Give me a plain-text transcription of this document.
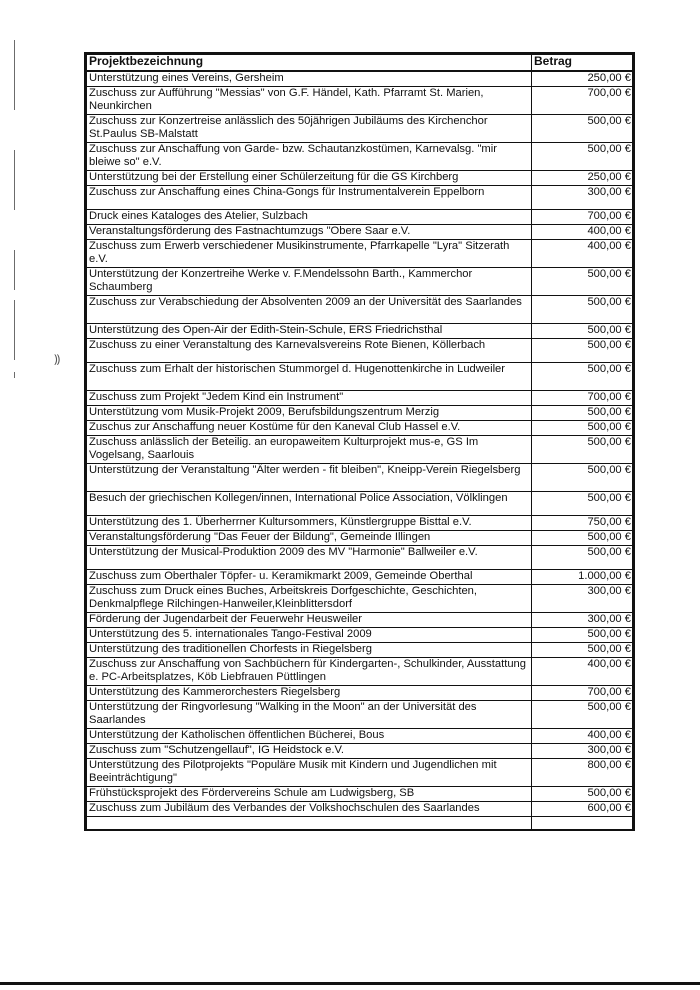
⸩
Projektbezeichnung	Betrag
Unterstützung eines Vereins, Gersheim	250,00 €
Zuschuss zur Aufführung "Messias" von G.F. Händel, Kath. Pfarramt St. Marien, Neunkirchen	700,00 €
Zuschuss zur Konzertreise anlässlich des 50jährigen Jubiläums des Kirchenchor St.Paulus SB-Malstatt	500,00 €
Zuschuss zur Anschaffung von Garde- bzw. Schautanzkostümen, Karnevalsg. "mir bleiwe so" e.V.	500,00 €
Unterstützung bei der Erstellung einer Schülerzeitung für die GS Kirchberg	250,00 €
Zuschuss zur Anschaffung eines China-Gongs für Instrumentalverein Eppelborn	300,00 €
Druck eines Kataloges des Atelier, Sulzbach	700,00 €
Veranstaltungsförderung des Fastnachtumzugs "Obere Saar e.V.	400,00 €
Zuschuss zum Erwerb verschiedener Musikinstrumente, Pfarrkapelle "Lyra" Sitzerath e.V.	400,00 €
Unterstützung der Konzertreihe Werke v. F.Mendelssohn Barth., Kammerchor Schaumberg	500,00 €
Zuschuss zur Verabschiedung der Absolventen 2009 an der Universität des Saarlandes	500,00 €
Unterstützung des Open-Air der Edith-Stein-Schule, ERS Friedrichsthal	500,00 €
Zuschuss zu einer Veranstaltung des Karnevalsvereins Rote Bienen, Köllerbach	500,00 €
Zuschuss zum Erhalt der historischen Stummorgel d. Hugenottenkirche in Ludweiler	500,00 €
Zuschuss zum Projekt "Jedem Kind ein Instrument"	700,00 €
Unterstützung vom Musik-Projekt 2009, Berufsbildungszentrum Merzig	500,00 €
Zuschus zur Anschaffung neuer Kostüme für den Kaneval Club Hassel e.V.	500,00 €
Zuschuss anlässlich der Beteilig. an europaweitem Kulturprojekt mus-e, GS Im Vogelsang, Saarlouis	500,00 €
Unterstützung der Veranstaltung "Älter werden - fit bleiben", Kneipp-Verein Riegelsberg	500,00 €
Besuch der griechischen Kollegen/innen, International Police Association, Völklingen	500,00 €
Unterstützung des 1. Überherrner Kultursommers, Künstlergruppe Bisttal e.V.	750,00 €
Veranstaltungsförderung "Das Feuer der Bildung", Gemeinde Illingen	500,00 €
Unterstützung der Musical-Produktion 2009 des MV "Harmonie" Ballweiler e.V.	500,00 €
Zuschuss zum Oberthaler Töpfer- u. Keramikmarkt 2009, Gemeinde Oberthal	1.000,00 €
Zuschuss zum Druck eines Buches, Arbeitskreis Dorfgeschichte, Geschichten, Denkmalpflege Rilchingen-Hanweiler,Kleinblittersdorf	300,00 €
Förderung der Jugendarbeit der Feuerwehr Heusweiler	300,00 €
Unterstützung des 5. internationales Tango-Festival 2009	500,00 €
Unterstützung des traditionellen Chorfests in Riegelsberg	500,00 €
Zuschuss zur Anschaffung von Sachbüchern für Kindergarten-, Schulkinder, Ausstattung e. PC-Arbeitsplatzes, Köb Liebfrauen Püttlingen	400,00 €
Unterstützung des Kammerorchesters Riegelsberg	700,00 €
Unterstützung der Ringvorlesung "Walking in the Moon" an der Universität des Saarlandes	500,00 €
Unterstützung der Katholischen öffentlichen Bücherei, Bous	400,00 €
Zuschuss zum "Schutzengellauf", IG Heidstock e.V.	300,00 €
Unterstützung des Pilotprojekts "Populäre Musik mit Kindern und Jugendlichen mit Beeinträchtigung"	800,00 €
Frühstücksprojekt des Fördervereins Schule am Ludwigsberg, SB	500,00 €
Zuschuss zum Jubiläum des Verbandes der Volkshochschulen des Saarlandes	600,00 €
